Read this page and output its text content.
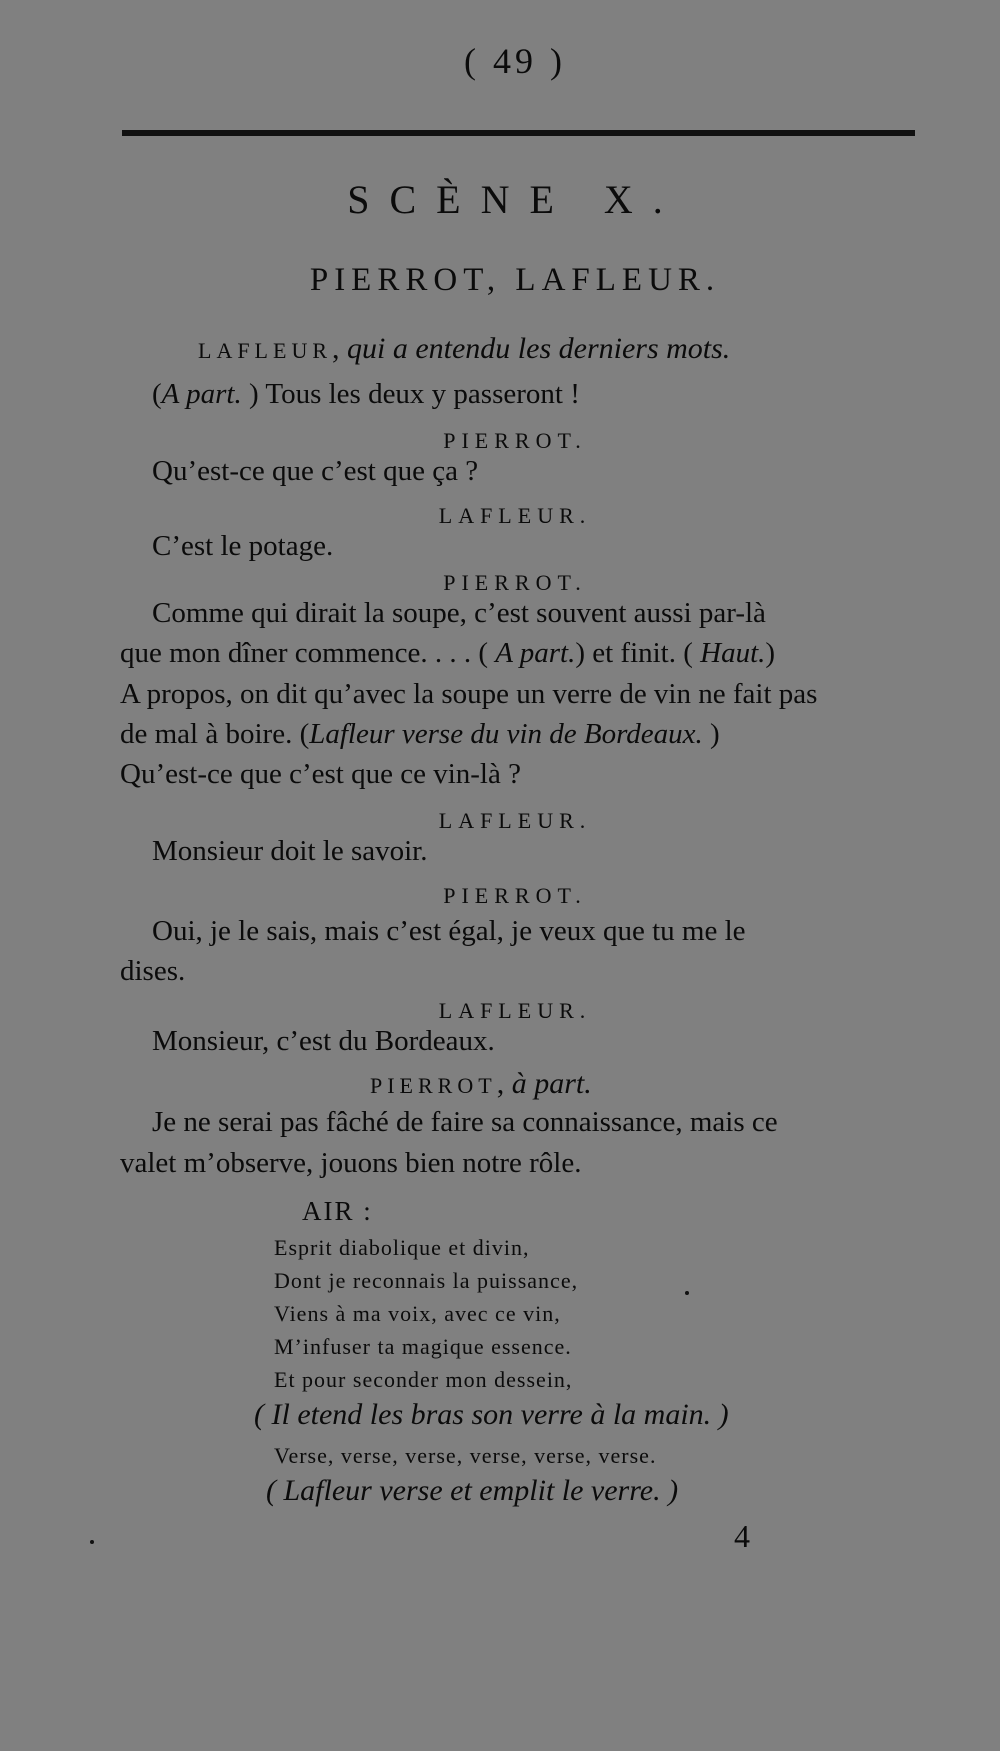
( 49 )
SCÈNE X.
PIERROT, LAFLEUR.
LAFLEUR, qui a entendu les derniers mots.
(A part. ) Tous les deux y passeront !
PIERROT.
Qu’est-ce que c’est que ça ?
LAFLEUR.
C’est le potage.
PIERROT.
Comme qui dirait la soupe, c’est souvent aussi par-là
que mon dîner commence. . . . ( A part.) et finit. ( Haut.)
A propos, on dit qu’avec la soupe un verre de vin ne fait pas
de mal à boire. (Lafleur verse du vin de Bordeaux. )
Qu’est-ce que c’est que ce vin-là ?
LAFLEUR.
Monsieur doit le savoir.
PIERROT.
Oui, je le sais, mais c’est égal, je veux que tu me le
dises.
LAFLEUR.
Monsieur, c’est du Bordeaux.
PIERROT, à part.
Je ne serai pas fâché de faire sa connaissance, mais ce
valet m’observe, jouons bien notre rôle.
AIR :
Esprit diabolique et divin,
Dont je reconnais la puissance,
Viens à ma voix, avec ce vin,
M’infuser ta magique essence.
Et pour seconder mon dessein,
( Il etend les bras son verre à la main. )
Verse, verse, verse, verse, verse, verse.
( Lafleur verse et emplit le verre. )
4
